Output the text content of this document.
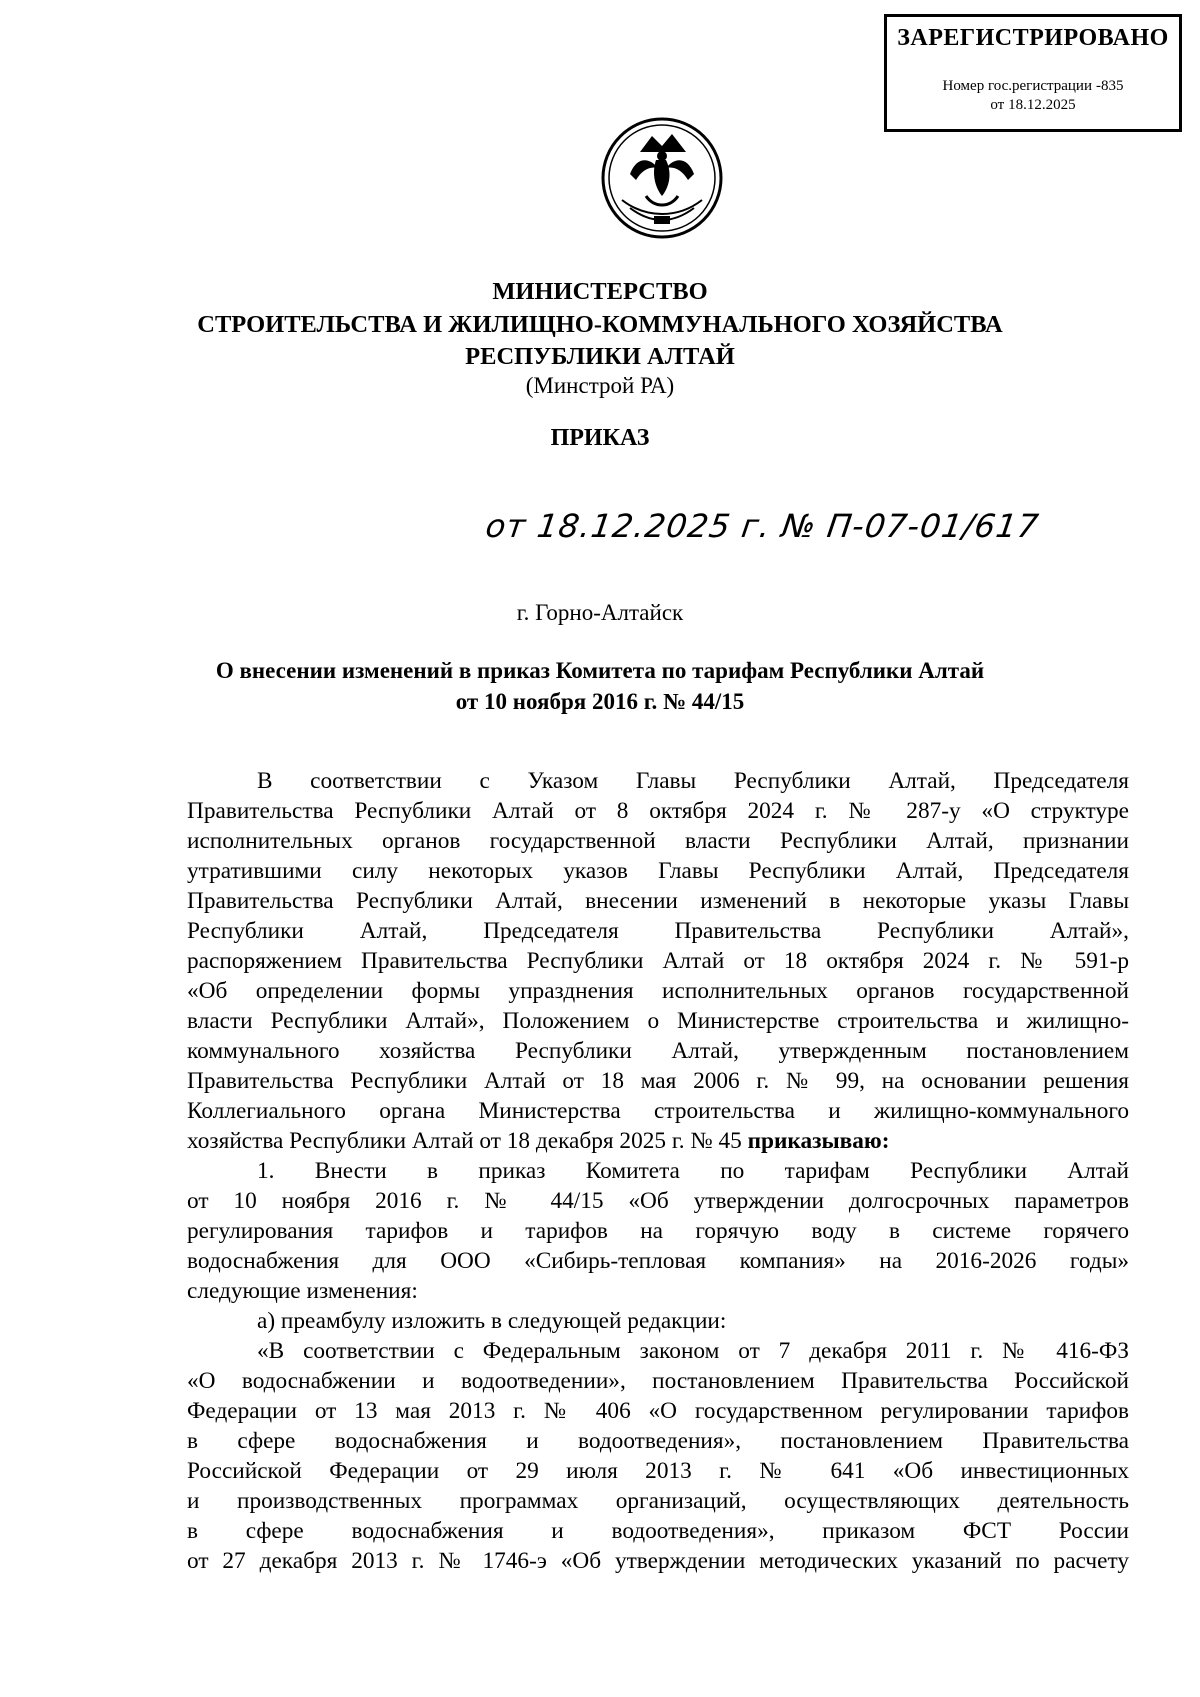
ЗАРЕГИСТРИРОВАНО
Номер гос.регистрации -835
от 18.12.2025
МИНИСТЕРСТВО
СТРОИТЕЛЬСТВА И ЖИЛИЩНО-КОММУНАЛЬНОГО ХОЗЯЙСТВА
РЕСПУБЛИКИ АЛТАЙ
(Минстрой РА)
ПРИКАЗ
от 18.12.2025 г. № П-07-01/617
г. Горно-Алтайск
О внесении изменений в приказ Комитета по тарифам Республики Алтай
от 10 ноября 2016 г. № 44/15
В соответствии с Указом Главы Республики Алтай, Председателя
Правительства Республики Алтай от 8 октября 2024 г. № 287-у «О структуре
исполнительных органов государственной власти Республики Алтай, признании
утратившими силу некоторых указов Главы Республики Алтай, Председателя
Правительства Республики Алтай, внесении изменений в некоторые указы Главы
Республики Алтай, Председателя Правительства Республики Алтай»,
распоряжением Правительства Республики Алтай от 18 октября 2024 г. № 591-р
«Об определении формы упразднения исполнительных органов государственной
власти Республики Алтай», Положением о Министерстве строительства и жилищно-
коммунального хозяйства Республики Алтай, утвержденным постановлением
Правительства Республики Алтай от 18 мая 2006 г. № 99, на основании решения
Коллегиального органа Министерства строительства и жилищно-коммунального
хозяйства Республики Алтай от 18 декабря 2025 г. № 45 приказываю:
1. Внести в приказ Комитета по тарифам Республики Алтай
от 10 ноября 2016 г. № 44/15 «Об утверждении долгосрочных параметров
регулирования тарифов и тарифов на горячую воду в системе горячего
водоснабжения для ООО «Сибирь-тепловая компания» на 2016-2026 годы»
следующие изменения:
а) преамбулу изложить в следующей редакции:
«В соответствии с Федеральным законом от 7 декабря 2011 г. № 416-ФЗ
«О водоснабжении и водоотведении», постановлением Правительства Российской
Федерации от 13 мая 2013 г. № 406 «О государственном регулировании тарифов
в сфере водоснабжения и водоотведения», постановлением Правительства
Российской Федерации от 29 июля 2013 г. № 641 «Об инвестиционных
и производственных программах организаций, осуществляющих деятельность
в сфере водоснабжения и водоотведения», приказом ФСТ России
от 27 декабря 2013 г. № 1746-э «Об утверждении методических указаний по расчету
